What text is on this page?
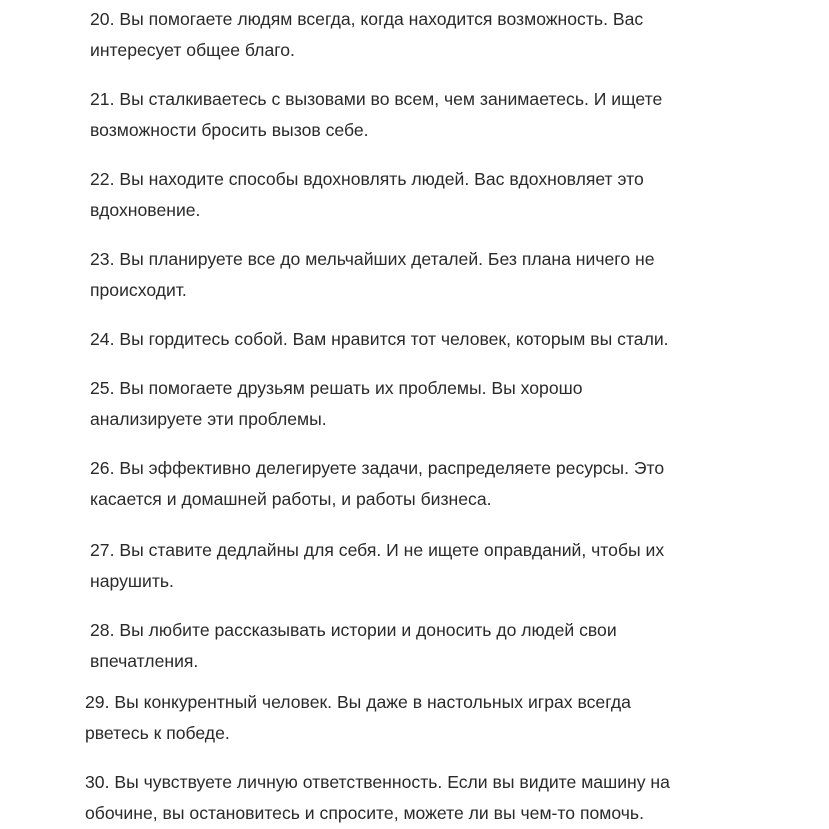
20. Вы помогаете людям всегда, когда находится возможность. Вас
интересует общее благо.

21. Вы сталкиваетесь с вызовами во всем, чем занимаетесь. И ищете
возможности бросить вызов себе.

22. Вы находите способы вдохновлять людей. Вас вдохновляет это
вдохновение.

23. Вы планируете все до мельчайших деталей. Без плана ничего не
происходит.

24. Вы гордитесь собой. Вам нравится тот человек, которым вы стали.

25. Вы помогаете друзьям решать их проблемы. Вы хорошо
анализируете эти проблемы.

26. Вы эффективно делегируете задачи, распределяете ресурсы. Это
касается и домашней работы, и работы бизнеса.

27. Вы ставите дедлайны для себя. И не ищете оправданий, чтобы их
нарушить.

28. Вы любите рассказывать истории и доносить до людей свои
впечатления.

29. Вы конкурентный человек. Вы даже в настольных играх всегда
рветесь к победе.

30. Вы чувствуете личную ответственность. Если вы видите машину на
обочине, вы остановитесь и спросите, можете ли вы чем-то помочь.
